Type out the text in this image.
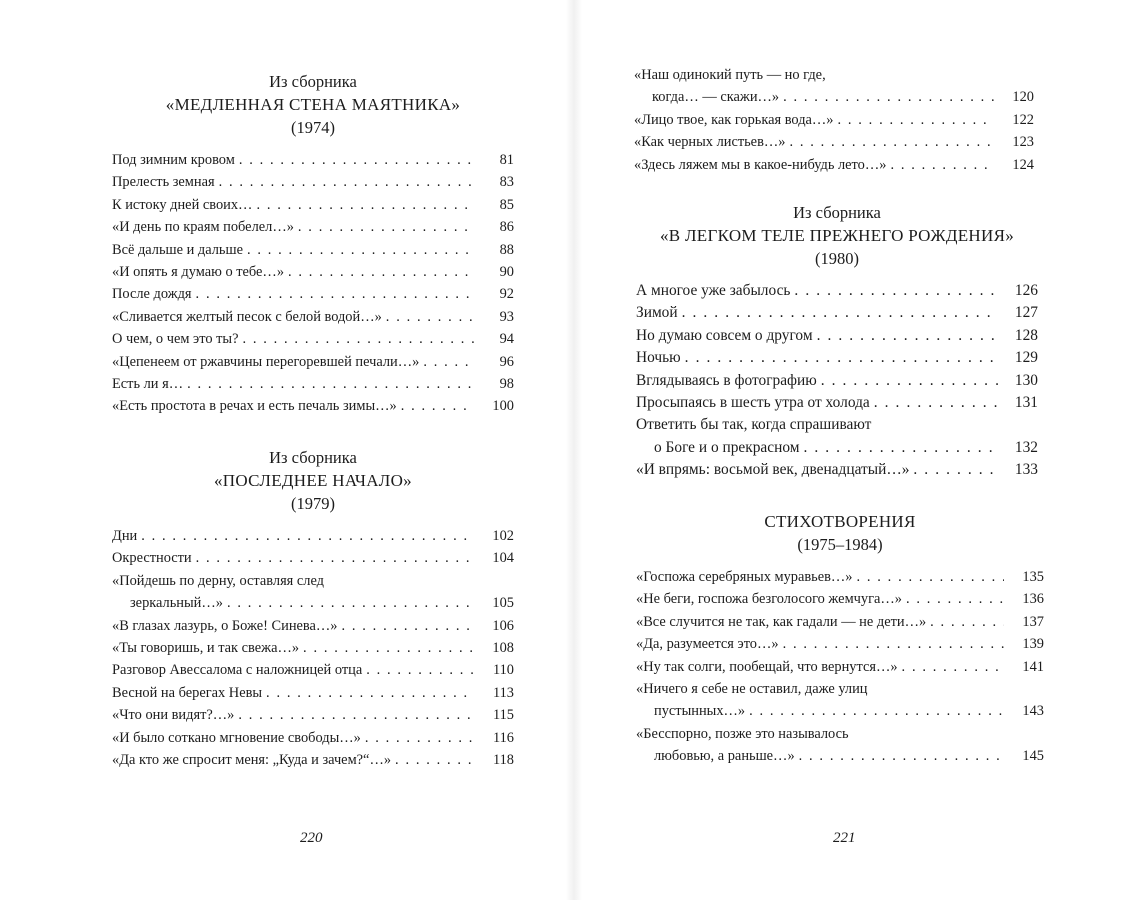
Из сборника
«МЕДЛЕННАЯ СТЕНА МАЯТНИКА»
(1974)
Под зимним кровом . . .	81
Прелесть земная . . .	83
К истоку дней своих… . . .	85
«И день по краям побелел…» . . .	86
Всё дальше и дальше . . .	88
«И опять я думаю о тебе…» . . .	90
После дождя . . .	92
«Сливается желтый песок с белой водой…» . . .	93
О чем, о чем это ты? . . .	94
«Цепенеем от ржавчины перегоревшей печали…» . . .	96
Есть ли я… . . .	98
«Есть простота в речах и есть печаль зимы…» . . .	100
Из сборника
«ПОСЛЕДНЕЕ НАЧАЛО»
(1979)
Дни . . .	102
Окрестности . . .	104
«Пойдешь по дерну, оставляя след
зеркальный…» . . .	105
«В глазах лазурь, о Боже! Синева…» . . .	106
«Ты говоришь, и так свежа…» . . .	108
Разговор Авессалома с наложницей отца . . .	110
Весной на берегах Невы . . .	113
«Что они видят?…» . . .	115
«И было соткано мгновение свободы…» . . .	116
«Да кто же спросит меня: „Куда и зачем?“…» . . .	118
220
«Наш одинокий путь — но где,
когда… — скажи…» . . .	120
«Лицо твое, как горькая вода…» . . .	122
«Как черных листьев…» . . .	123
«Здесь ляжем мы в какое-нибудь лето…» . . .	124
Из сборника
«В ЛЕГКОМ ТЕЛЕ ПРЕЖНЕГО РОЖДЕНИЯ»
(1980)
А многое уже забылось . . .	126
Зимой . . .	127
Но думаю совсем о другом . . .	128
Ночью . . .	129
Вглядываясь в фотографию . . .	130
Просыпаясь в шесть утра от холода . . .	131
Ответить бы так, когда спрашивают
о Боге и о прекрасном . . .	132
«И впрямь: восьмой век, двенадцатый…» . . .	133
СТИХОТВОРЕНИЯ
(1975–1984)
«Госпожа серебряных муравьев…» . . .	135
«Не беги, госпожа безголосого жемчуга…» . . .	136
«Все случится не так, как гадали — не дети…» . . .	137
«Да, разумеется это…» . . .	139
«Ну так солги, пообещай, что вернутся…» . . .	141
«Ничего я себе не оставил, даже улиц
пустынных…» . . .	143
«Бесспорно, позже это называлось
любовью, а раньше…» . . .	145
221
